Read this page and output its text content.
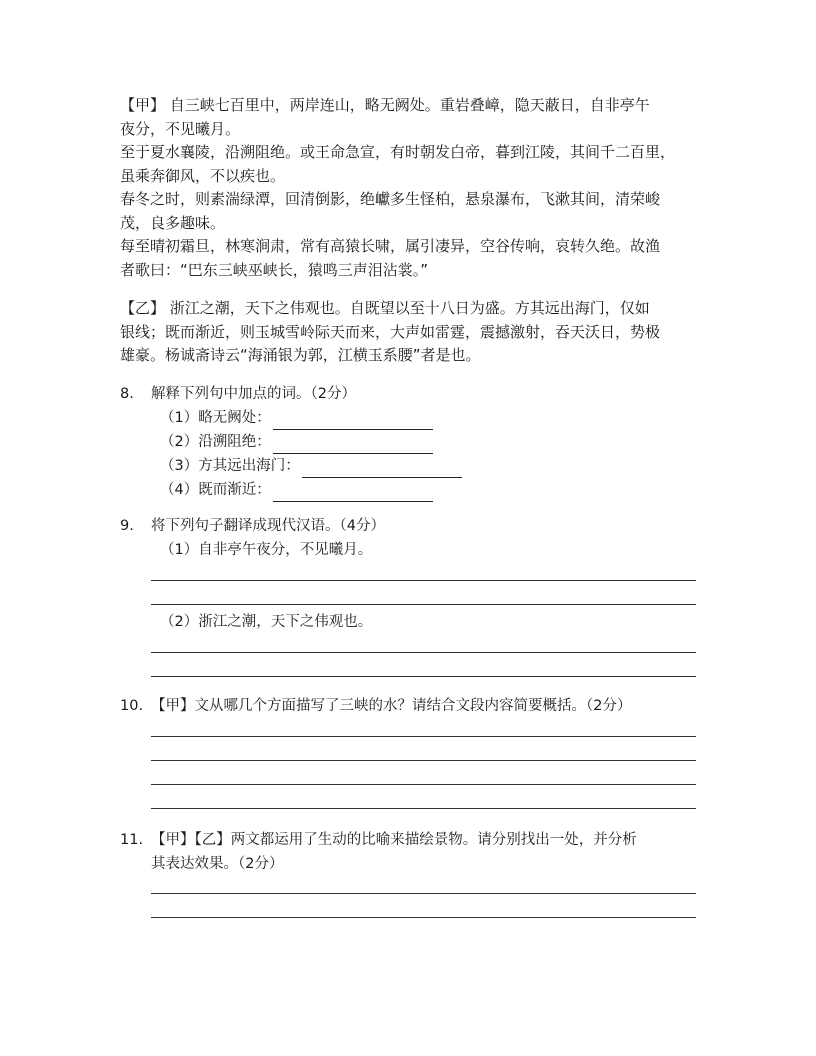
【甲】 自三峡七百里中，两岸连山，略无阙处。重岩叠嶂，隐天蔽日，自非亭午

夜分，不见曦月。

至于夏水襄陵，沿溯阻绝。或王命急宣，有时朝发白帝，暮到江陵，其间千二百里，

虽乘奔御风，不以疾也。

春冬之时，则素湍绿潭，回清倒影，绝巘多生怪柏，悬泉瀑布，飞漱其间，清荣峻

茂，良多趣味。

每至晴初霜旦，林寒涧肃，常有高猿长啸，属引凄异，空谷传响，哀转久绝。故渔

者歌曰：“巴东三峡巫峡长，猿鸣三声泪沾裳。”

【乙】 浙江之潮，天下之伟观也。自既望以至十八日为盛。方其远出海门，仅如

银线；既而渐近，则玉城雪岭际天而来，大声如雷霆，震撼激射，吞天沃日，势极

雄豪。杨诚斋诗云“海涌银为郭，江横玉系腰”者是也。

8.	解释下列句中加点的词。（2分）
（1）略无阙处：
（2）沿溯阻绝：
（3）方其远出海门：
（4）既而渐近：
9.	将下列句子翻译成现代汉语。（4分）
（1）自非亭午夜分，不见曦月。
（2）浙江之潮，天下之伟观也。
10. 【甲】文从哪几个方面描写了三峡的水？请结合文段内容简要概括。（2分）
11. 【甲】【乙】两文都运用了生动的比喻来描绘景物。请分别找出一处，并分析
其表达效果。（2分）
